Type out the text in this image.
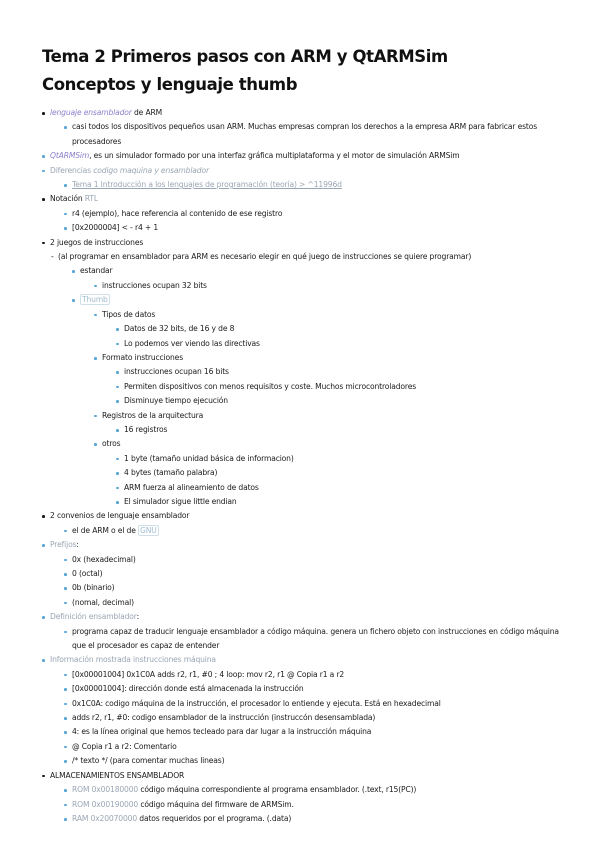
Tema 2 Primeros pasos con ARM y QtARMSim
Conceptos y lenguaje thumb
lenguaje ensamblador de ARM
casi todos los dispositivos pequeños usan ARM. Muchas empresas compran los derechos a la empresa ARM para fabricar estos procesadores
QtARMSim, es un simulador formado por una interfaz gráfica multiplataforma y el motor de simulación ARMSim
Diferencias codigo maquina y ensamblador
Tema 1 Introducción a los lenguajes de programación (teoría) > ^11996d
Notación RTL
r4 (ejemplo), hace referencia al contenido de ese registro
[0x2000004] < - r4 + 1
2 juegos de instrucciones
- (al programar en ensamblador para ARM es necesario elegir en qué juego de instrucciones se quiere programar)
estandar
instrucciones ocupan 32 bits
Thumb
Tipos de datos
Datos de 32 bits, de 16 y de 8
Lo podemos ver viendo las directivas
Formato instrucciones
instrucciones ocupan 16 bits
Permiten dispositivos con menos requisitos y coste. Muchos microcontroladores
Disminuye tiempo ejecución
Registros de la arquitectura
16 registros
otros
1 byte (tamaño unidad básica de informacion)
4 bytes (tamaño palabra)
ARM fuerza al alineamiento de datos
El simulador sigue little endian
2 convenios de lenguaje ensamblador
el de ARM o el de GNU
Prefijos:
0x (hexadecimal)
0 (octal)
0b (binario)
(nomal, decimal)
Definición ensamblador:
programa capaz de traducir lenguaje ensamblador a código máquina. genera un fichero objeto con instrucciones en código máquina que el procesador es capaz de entender
Información mostrada instrucciones máquina
[0x00001004] 0x1C0A adds r2, r1, #0 ; 4 loop: mov r2, r1 @ Copia r1 a r2
[0x00001004]: dirección donde está almacenada la instrucción
0x1C0A: codigo máquina de la instrucción, el procesador lo entiende y ejecuta. Está en hexadecimal
adds r2, r1, #0: codigo ensamblador de la instrucción (instruccón desensamblada)
4: es la línea original que hemos tecleado para dar lugar a la instrucción máquina
@ Copia r1 a r2: Comentario
/* texto */ (para comentar muchas lineas)
ALMACENAMIENTOS ENSAMBLADOR
ROM 0x00180000 código máquina correspondiente al programa ensamblador. (.text, r15(PC))
ROM 0x00190000 código máquina del firmware de ARMSim.
RAM 0x20070000 datos requeridos por el programa. (.data)
